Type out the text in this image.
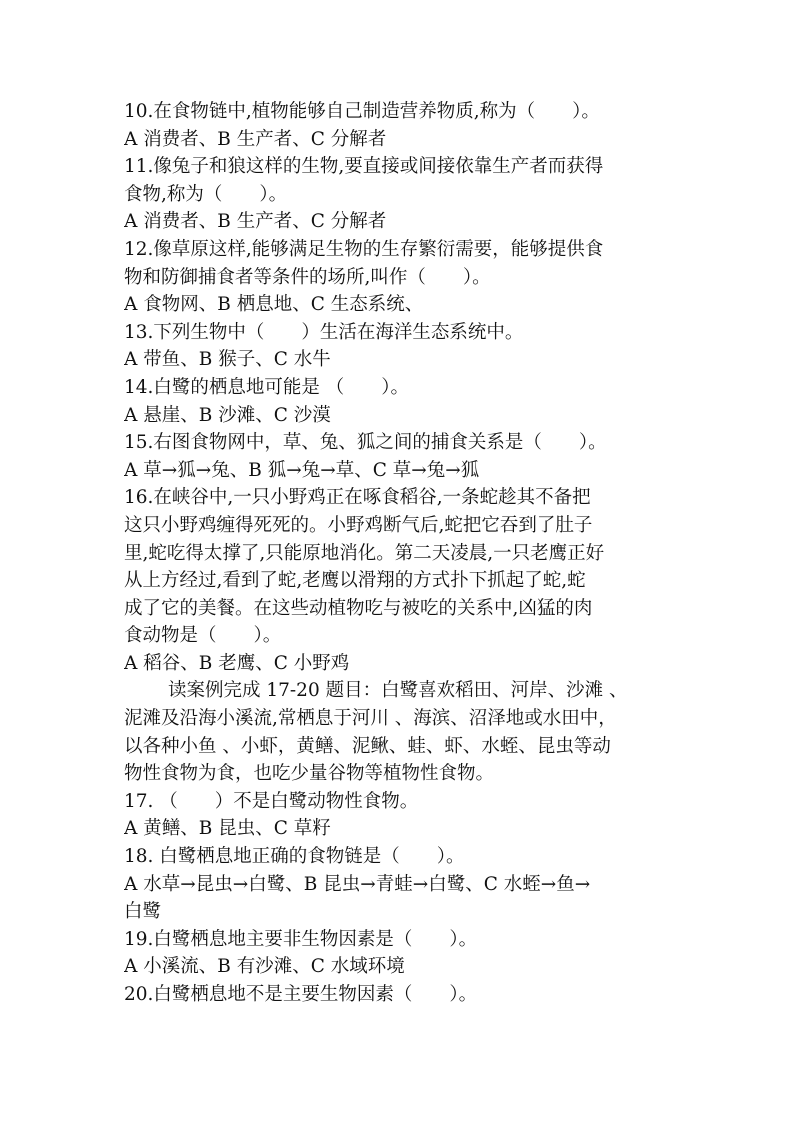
10.在食物链中,植物能够自己制造营养物质,称为（　　）。
A 消费者、B 生产者、C 分解者
11.像兔子和狼这样的生物,要直接或间接依靠生产者而获得
食物,称为（　　）。
A 消费者、B 生产者、C 分解者
12.像草原这样,能够满足生物的生存繁衍需要，能够提供食
物和防御捕食者等条件的场所,叫作（　　）。
A 食物网、B 栖息地、C 生态系统、
13.下列生物中（　　）生活在海洋生态系统中。
A 带鱼、B 猴子、C 水牛
14.白鹭的栖息地可能是 （　　）。
A 悬崖、B 沙滩、C 沙漠
15.右图食物网中，草、兔、狐之间的捕食关系是（　　）。
A 草→狐→兔、B 狐→兔→草、C 草→兔→狐
16.在峡谷中,一只小野鸡正在啄食稻谷,一条蛇趁其不备把
这只小野鸡缠得死死的。小野鸡断气后,蛇把它吞到了肚子
里,蛇吃得太撑了,只能原地消化。第二天凌晨,一只老鹰正好
从上方经过,看到了蛇,老鹰以滑翔的方式扑下抓起了蛇,蛇
成了它的美餐。在这些动植物吃与被吃的关系中,凶猛的肉
食动物是（　　）。
A 稻谷、B 老鹰、C 小野鸡
读案例完成 17-20 题目：白鹭喜欢稻田、河岸、沙滩 、
泥滩及沿海小溪流,常栖息于河川 、海滨、沼泽地或水田中，
以各种小鱼 、小虾，黄鳝、泥鳅、蛙、虾、水蛭、昆虫等动
物性食物为食，也吃少量谷物等植物性食物。
17. （　　）不是白鹭动物性食物。
A 黄鳝、B 昆虫、C 草籽
18. 白鹭栖息地正确的食物链是（　　）。
A 水草→昆虫→白鹭、B 昆虫→青蛙→白鹭、C 水蛭→鱼→
白鹭
19.白鹭栖息地主要非生物因素是（　　）。
A 小溪流、B 有沙滩、C 水域环境
20.白鹭栖息地不是主要生物因素（　　）。
